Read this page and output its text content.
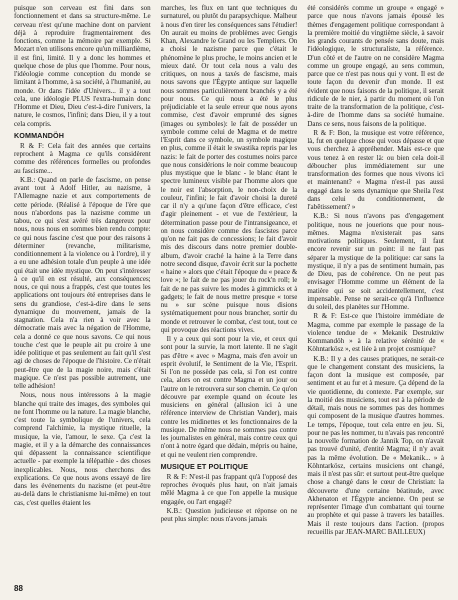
puisque son cerveau est fini dans son fonctionnement et dans sa structure-même. Le cerveau n'est qu'une machine dont on parvient déjà à reproduire fragmentairement des fonctions, comme la mémoire par exemple. Si Mozart n'en utilisons encore qu'un milliardième, il est fini, limité. Il y a donc les hommes et quelque chose de plus que l'homme. Pour nous, l'idéologie comme conception du monde se limitant à l'homme, à sa société, à l'humanité, au monde. Or dans l'idée d'Univers... il y a tout cela, une idéologie PLUS l'extra-humain donc l'Homme et Dieu, Dieu c'est-à-dire l'univers, la nature, le cosmos, l'infini; dans Dieu, il y a tout cela compris.

KOMMANDÖH

R & F: Cela fait des années que certains reprochent à Magma ce qu'ils considèrent comme des références formelles ou profondes au fascisme...

K.B.: Quand on parle de fascisme, on pense avant tout à Adolf Hitler, au nazisme, à l'Allemagne nazie et aux comportements de cette période. (Réalisé à l'époque de l'ère que nous n'abordons pas la nazisme comme un tabou, ce qui s'est avéré très dangereux pour nous, nous nous en sommes bien rendu compte: ce qui nous fascine c'est que pour des raisons à déterminer (revanche, militarisme, conditionnement à la violence ou à l'ordre), il y a eu une adhésion totale d'un peuple à une idée qui était une idée mystique. On peut s'intéresser à ce qu'il en est résulté, aux conséquences; nous, ce qui nous a frappés, c'est que toutes les applications ont toujours été entreprises dans le sens du grandiose, c'est-à-dire dans le sens dynamique du mouvement, jamais de la stagnation. Cela n'a rien à voir avec la démocratie mais avec la négation de l'Homme, cela a donné ce que nous savons. Ce qui nous touche c'est que le peuple ait pu croire à une idée politique et pas seulement au fait qu'il s'est agi de choses de l'époque de l'histoire. Ce n'était peut-être que de la magie noire, mais c'était magique. Ce n'est pas possible autrement, une telle adhésion!

Nous, nous nous intéressons à la magie blanche qui traite des images, des symboles qui ne font l'homme ou la nature. La magie blanche, c'est toute la symbolique de l'univers, cela comprend l'alchimie, la mystique rituelle, la musique, la vie, l'amour, le sexe. Ça c'est la magie, et il y a la démarche des connaissances qui dépassent la connaissance scientifique actuelle - par exemple la télépathie - des choses inexplicables. Nous, nous cherchons des explications. Ce que nous avons essayé de lire dans les événements du nazisme (et peut-être au-delà dans le christianisme lui-même) en tout cas, c'est quelles étaient les

marches, les flux en tant que techniques du surnaturel, ou plutôt du parapsychique. Malheur à nous d'en tirer les conséquences sans l'étudier! On aurait eu moins de problèmes avec Gengis Khan, Alexandre le Grand ou les Templiers. On a choisi le nazisme parce que c'était le phénomène le plus proche, le moins ancien et le mieux daté. Or tout cela nous a valu des critiques, on nous a taxés de fascisme, mais nous savons que l'Égypte antique sur laquelle nous sommes particulièrement branchés y a été pour nous. Ce qui nous a été le plus préjudiciable et la seule erreur que nous ayons commise, c'est d'avoir emprunté des signes (images ou symboles): le fait de posséder un symbole comme celui de Magma et de mettre l'Esprit dans ce symbole, un symbole magique en plus, comme il était le swastika repris par les nazis: le fait de porter des costumes noirs parce que nous considérions le noir comme beaucoup plus mystique que le blanc - le blanc étant le spectre lumineux visible par l'homme alors que le noir est l'absorption, le non-choix de la couleur, l'infini; le fait d'avoir choisi la dureté car il n'y a qu'une façon d'être efficace, c'est d'agir pleinement - et vue de l'extérieur, la détermination passe pour de l'intransigeance, et on nous considère comme des fascistes parce qu'on ne fait pas de concessions; le fait d'avoir mis des discours dans notre premier double-album, d'avoir craché la haine à la Terre dans notre second disque, d'avoir écrit sur la pochette « haine » alors que c'était l'époque du « peace & love »; le fait de ne pas jouer du rock'n roll; le fait de ne pas suivre les modes à gimmicks et à gadgets; le fait de nous mettre presque « torse nu » sur scène puisque nous disions systématiquement pour nous brancher, sortir du monde et retrouver le combat, c'est tout, tout ce qui provoque des réactions vives.

Il y a ceux qui sont pour la vie, et ceux qui sont pour la survie, la mort latente. Il ne s'agit pas d'être « avec » Magma, mais d'en avoir un esprit évolutif, le Sentiment de la Vie, l'Esprit. Si l'on ne possède pas cela, si l'on est contre cela, alors on est contre Magma et un jour ou l'autre on le retrouvera sur son chemin. Ce qu'on découvre par exemple quand on écoute les musiciens en général (allusion ici à une référence interview de Christian Vander), mais contre les midinettes et les fonctionnaires de la musique. De même nous ne sommes pas contre les journalistes en général, mais contre ceux qui n'ont à notre égard que dédain, mépris ou haine, et qui ne veulent rien comprendre.

MUSIQUE ET POLITIQUE

R & F: N'est-il pas frappant qu'à l'opposé des reproches évoqués plus haut, on n'ait jamais mêlé Magma à ce que l'on appelle la musique engagée, ou l'art engagé?

K.B.: Question judicieuse et réponse on ne peut plus simple: nous n'avons jamais

été considérés comme un groupe « engagé » parce que nous n'avons jamais épousé les thèmes d'engagement politique correspondant à la première moitié du vingtième siècle, à savoir les grands courants de pensée sans doute, mais l'idéologique, le structuraliste, la référence. D'un côté et de l'autre on ne considère Magma comme un groupe engagé, au sens commun, parce que ce n'est pas nous qui y vont. Il est de toute façon du devenir d'un monde. Il est évident que nous faisons de la politique, il serait ridicule de le nier, à partir du moment où l'on traite de la transformation de la politique, c'est-à-dire de l'homme dans sa société humaine. Dans ce sens, nous faisons de la politique.

R & F: Bon, la musique est votre référence, là, fut en quelque chose qui vous dépasse et que vous cherchez à appréhender. Mais est-ce que vous tenez à en rester là: ou bien cela doit-il déboucher plus immédiatement sur une transformation des formes que nous vivons ici et maintenant? « Magma n'est-il pas aussi engagé dans le sens dynamique que Sheila l'est dans celui du conditionnement, de l'abêtissement? »

K.B.: Si nous n'avons pas d'engagement politique, nous ne jouerions que pour nous-mêmes. Magma n'existerait pas sans motivations politiques. Seulement, il faut encore revenir sur un point: il ne faut pas séparer la mystique de la politique: car sans la mystique, il n'y a pas de sentiment humain, pas de Dieu, pas de cohérence. On ne peut pas envisager l'Homme comme un élément de la matière qui se soit accidentellement, c'est impensable. Pense ne serait-ce qu'à l'influence du soleil, des planètes sur l'Homme.

R & F: Est-ce que l'histoire immédiate de Magma, comme par exemple le passage de la violence tendue de « Mekanik Destruktiw Kommandöh » à la relative sérénité de « Köhntarkösz », est liée à un projet cosmique?

K.B.: Il y a des causes pratiques, ne serait-ce que le changement constant des musiciens, la façon dont la musique est composée, par sentiment et au fur et à mesure. Ça dépend de la vie quotidienne, du contexte. Par exemple, sur la moitié des musiciens, tout est à la période de détail, mais nous ne sommes pas des hommes qui composent de la musique d'autres hommes. Le temps, l'époque, tout cela entre en jeu. Si, pour ne pas les nommer, tu n'avais pas rencontré la nouvelle formation de Jannik Top, on n'avait pas trouvé d'unité, d'entité Magma; il n'y avait pas la même évolution. De « Mekanik... » à Köhntarkösz, certains musiciens ont changé, mais il n'est pas sûr: et surtout peut-être quelque chose a changé dans le cœur de Christian: la découverte d'une certaine béatitude, avec Akhenaton et l'Égypte ancienne. On peut se représenter l'image d'un combattant qui tourne au prophète et qui passe à travers les batailles. Mais il reste toujours dans l'action. (propos recueillis par JEAN-MARC BAILLEUX)

88
